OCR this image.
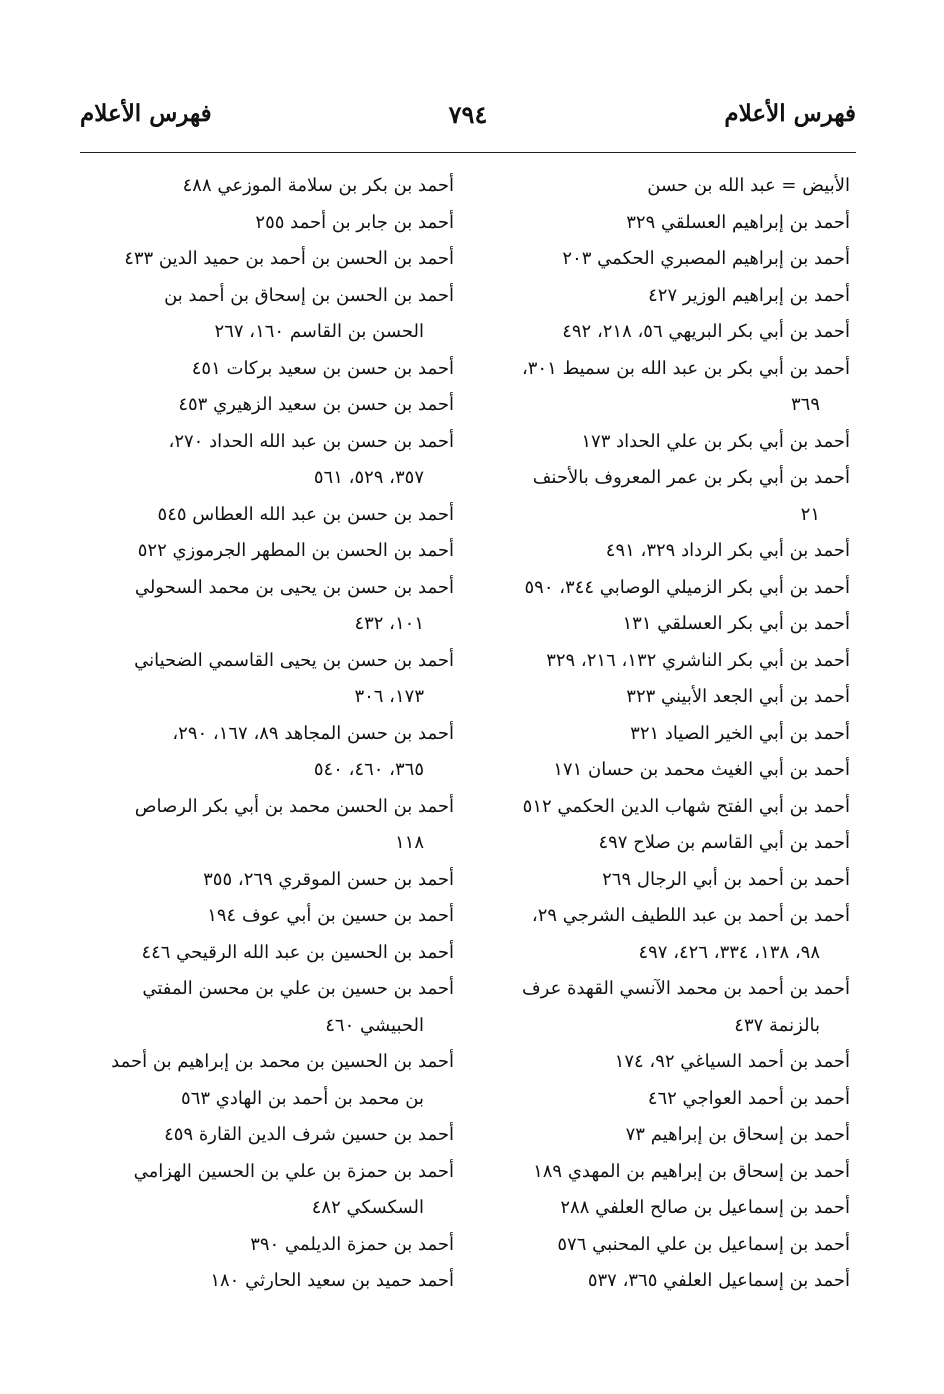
فهرس الأعلام
٧٩٤
فهرس الأعلام
الأبيض = عبد الله بن حسن
أحمد بن إبراهيم العسلقي ٣٢٩
أحمد بن إبراهيم المصبري الحكمي ٢٠٣
أحمد بن إبراهيم الوزير ٤٢٧
أحمد بن أبي بكر البريهي ٥٦، ٢١٨، ٤٩٢
أحمد بن أبي بكر بن عبد الله بن سميط ٣٠١،
٣٦٩
أحمد بن أبي بكر بن علي الحداد ١٧٣
أحمد بن أبي بكر بن عمر المعروف بالأحنف
٢١
أحمد بن أبي بكر الرداد ٣٢٩، ٤٩١
أحمد بن أبي بكر الزميلي الوصابي ٣٤٤، ٥٩٠
أحمد بن أبي بكر العسلقي ١٣١
أحمد بن أبي بكر الناشري ١٣٢، ٢١٦، ٣٢٩
أحمد بن أبي الجعد الأبيني ٣٢٣
أحمد بن أبي الخير الصياد ٣٢١
أحمد بن أبي الغيث محمد بن حسان ١٧١
أحمد بن أبي الفتح شهاب الدين الحكمي ٥١٢
أحمد بن أبي القاسم بن صلاح ٤٩٧
أحمد بن أحمد بن أبي الرجال ٢٦٩
أحمد بن أحمد بن عبد اللطيف الشرجي ٢٩،
٩٨، ١٣٨، ٣٣٤، ٤٢٦، ٤٩٧
أحمد بن أحمد بن محمد الآنسي القهدة عرف
بالزنمة ٤٣٧
أحمد بن أحمد السياغي ٩٢، ١٧٤
أحمد بن أحمد العواجي ٤٦٢
أحمد بن إسحاق بن إبراهيم ٧٣
أحمد بن إسحاق بن إبراهيم بن المهدي ١٨٩
أحمد بن إسماعيل بن صالح العلفي ٢٨٨
أحمد بن إسماعيل بن علي المحنبي ٥٧٦
أحمد بن إسماعيل العلفي ٣٦٥، ٥٣٧
أحمد بن بكر بن سلامة الموزعي ٤٨٨
أحمد بن جابر بن أحمد ٢٥٥
أحمد بن الحسن بن أحمد بن حميد الدين ٤٣٣
أحمد بن الحسن بن إسحاق بن أحمد بن
الحسن بن القاسم ١٦٠، ٢٦٧
أحمد بن حسن بن سعيد بركات ٤٥١
أحمد بن حسن بن سعيد الزهيري ٤٥٣
أحمد بن حسن بن عبد الله الحداد ٢٧٠،
٣٥٧، ٥٢٩، ٥٦١
أحمد بن حسن بن عبد الله العطاس ٥٤٥
أحمد بن الحسن بن المطهر الجرموزي ٥٢٢
أحمد بن حسن بن يحيى بن محمد السحولي
١٠١، ٤٣٢
أحمد بن حسن بن يحيى القاسمي الضحياني
١٧٣، ٣٠٦
أحمد بن حسن المجاهد ٨٩، ١٦٧، ٢٩٠،
٣٦٥، ٤٦٠، ٥٤٠
أحمد بن الحسن محمد بن أبي بكر الرصاص
١١٨
أحمد بن حسن الموقري ٢٦٩، ٣٥٥
أحمد بن حسين بن أبي عوف ١٩٤
أحمد بن الحسين بن عبد الله الرقيحي ٤٤٦
أحمد بن حسين بن علي بن محسن المفتي
الحبيشي ٤٦٠
أحمد بن الحسين بن محمد بن إبراهيم بن أحمد
بن محمد بن أحمد بن الهادي ٥٦٣
أحمد بن حسين شرف الدين القارة ٤٥٩
أحمد بن حمزة بن علي بن الحسين الهزامي
السكسكي ٤٨٢
أحمد بن حمزة الديلمي ٣٩٠
أحمد حميد بن سعيد الحارثي ١٨٠
